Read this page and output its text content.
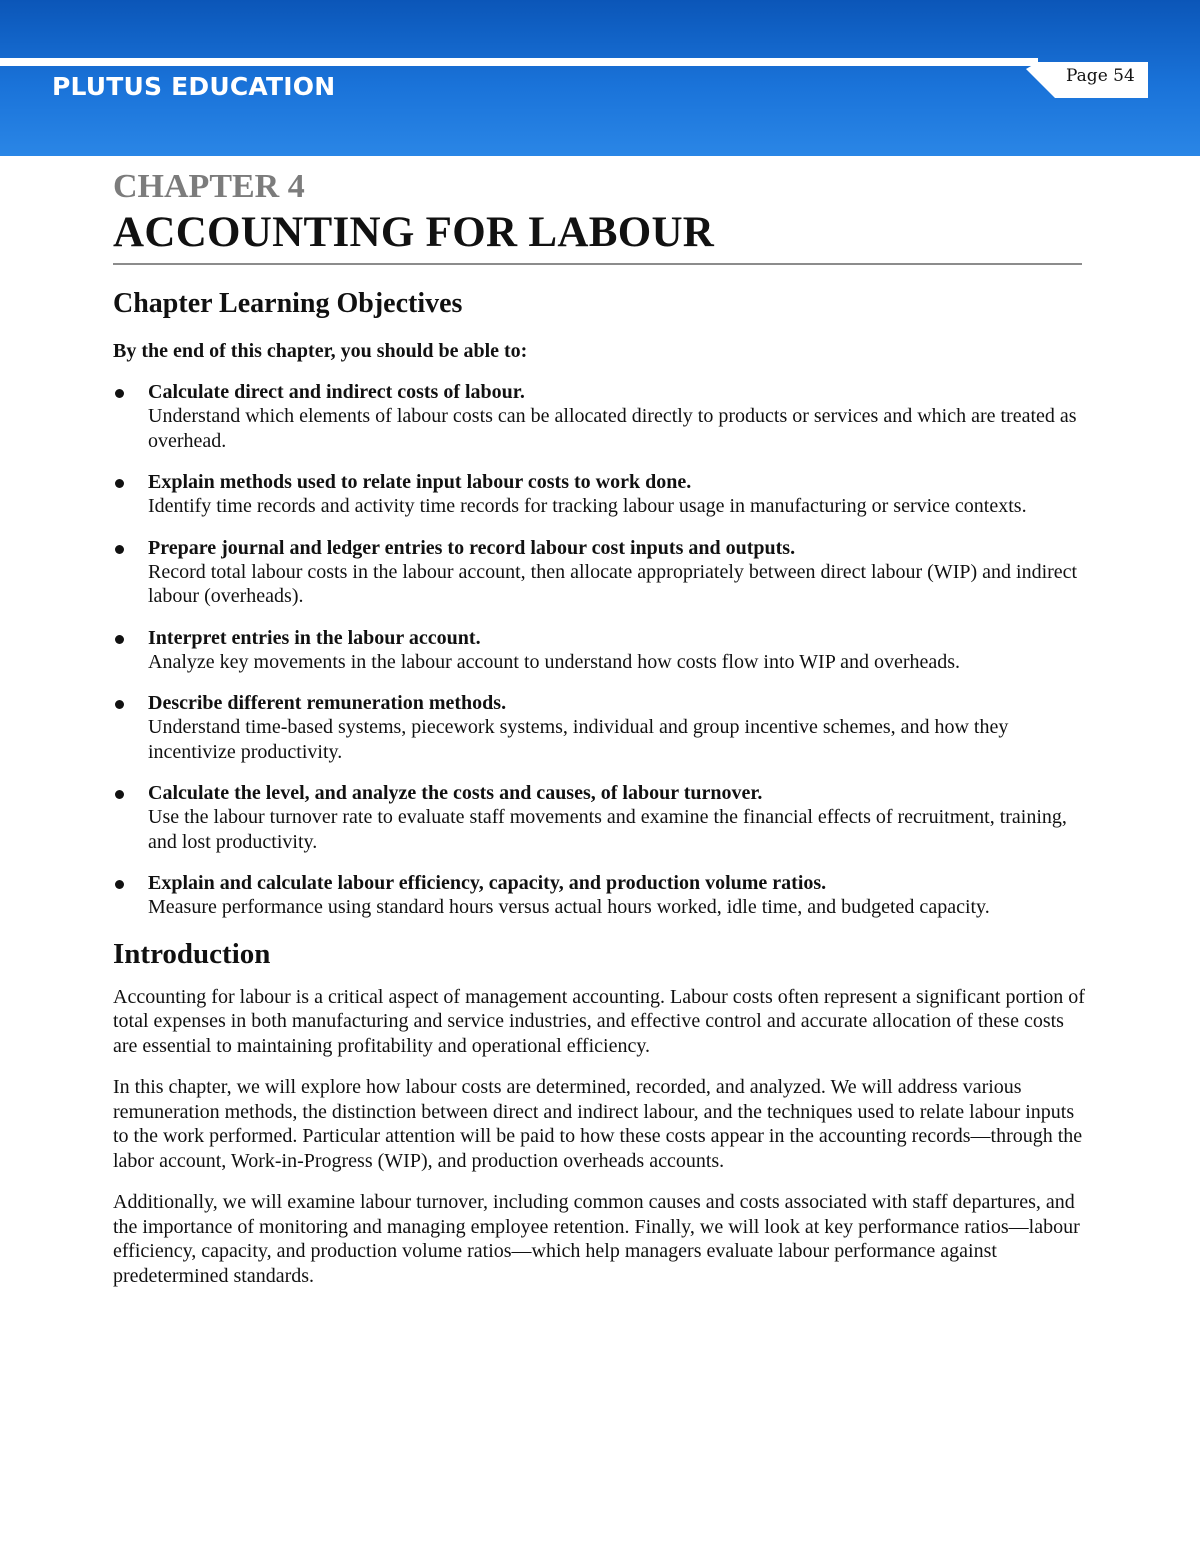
PLUTUS EDUCATION	Page 54
CHAPTER 4
ACCOUNTING FOR LABOUR
Chapter Learning Objectives

By the end of this chapter, you should be able to:

Calculate direct and indirect costs of labour.
Understand which elements of labour costs can be allocated directly to products or services and which are treated as overhead.
Explain methods used to relate input labour costs to work done.
Identify time records and activity time records for tracking labour usage in manufacturing or service contexts.
Prepare journal and ledger entries to record labour cost inputs and outputs.
Record total labour costs in the labour account, then allocate appropriately between direct labour (WIP) and indirect labour (overheads).
Interpret entries in the labour account.
Analyze key movements in the labour account to understand how costs flow into WIP and overheads.
Describe different remuneration methods.
Understand time-based systems, piecework systems, individual and group incentive schemes, and how they incentivize productivity.
Calculate the level, and analyze the costs and causes, of labour turnover.
Use the labour turnover rate to evaluate staff movements and examine the financial effects of recruitment, training, and lost productivity.
Explain and calculate labour efficiency, capacity, and production volume ratios.
Measure performance using standard hours versus actual hours worked, idle time, and budgeted capacity.
Introduction

Accounting for labour is a critical aspect of management accounting. Labour costs often represent a significant portion of total expenses in both manufacturing and service industries, and effective control and accurate allocation of these costs are essential to maintaining profitability and operational efficiency.

In this chapter, we will explore how labour costs are determined, recorded, and analyzed. We will address various remuneration methods, the distinction between direct and indirect labour, and the techniques used to relate labour inputs to the work performed. Particular attention will be paid to how these costs appear in the accounting records—through the labor account, Work-in-Progress (WIP), and production overheads accounts.

Additionally, we will examine labour turnover, including common causes and costs associated with staff departures, and the importance of monitoring and managing employee retention. Finally, we will look at key performance ratios—labour efficiency, capacity, and production volume ratios—which help managers evaluate labour performance against predetermined standards.
